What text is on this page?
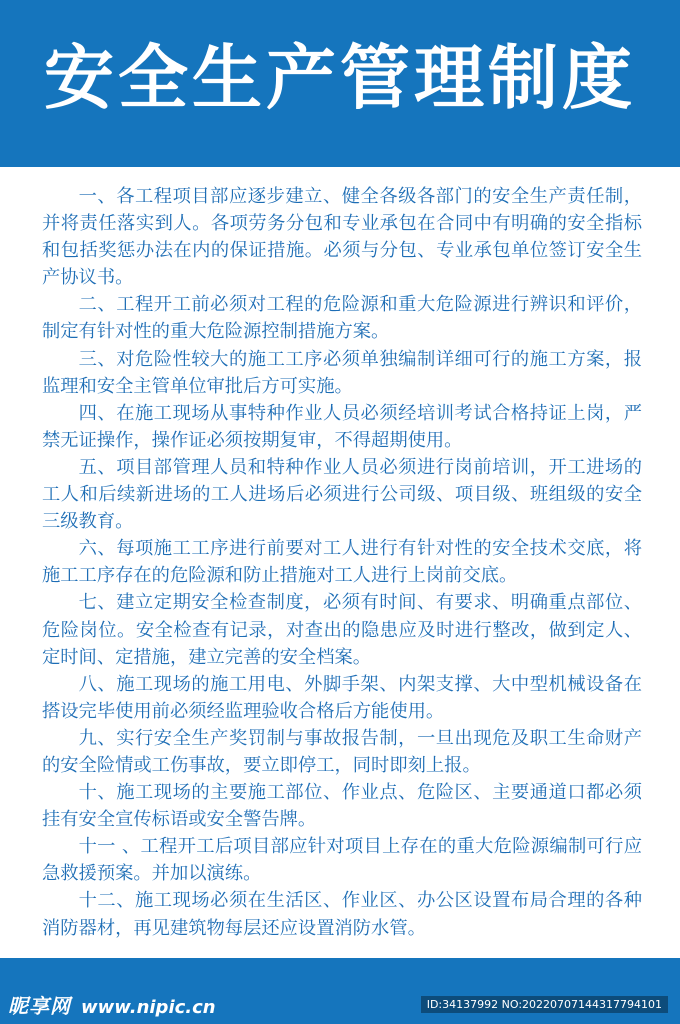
安全生产管理制度
一、各工程项目部应逐步建立、健全各级各部门的安全生产责任制，并将责任落实到人。各项劳务分包和专业承包在合同中有明确的安全指标和包括奖惩办法在内的保证措施。必须与分包、专业承包单位签订安全生产协议书。
二、工程开工前必须对工程的危险源和重大危险源进行辨识和评价，制定有针对性的重大危险源控制措施方案。
三、对危险性较大的施工工序必须单独编制详细可行的施工方案，报监理和安全主管单位审批后方可实施。
四、在施工现场从事特种作业人员必须经培训考试合格持证上岗，严禁无证操作，操作证必须按期复审，不得超期使用。
五、项目部管理人员和特种作业人员必须进行岗前培训，开工进场的工人和后续新进场的工人进场后必须进行公司级、项目级、班组级的安全三级教育。
六、每项施工工序进行前要对工人进行有针对性的安全技术交底，将施工工序存在的危险源和防止措施对工人进行上岗前交底。
七、建立定期安全检查制度，必须有时间、有要求、明确重点部位、危险岗位。安全检查有记录，对查出的隐患应及时进行整改，做到定人、定时间、定措施，建立完善的安全档案。
八、施工现场的施工用电、外脚手架、内架支撑、大中型机械设备在搭设完毕使用前必须经监理验收合格后方能使用。
九、实行安全生产奖罚制与事故报告制，一旦出现危及职工生命财产的安全险情或工伤事故，要立即停工，同时即刻上报。
十、施工现场的主要施工部位、作业点、危险区、主要通道口都必须挂有安全宣传标语或安全警告牌。
十一 、工程开工后项目部应针对项目上存在的重大危险源编制可行应急救援预案。并加以演练。
十二、施工现场必须在生活区、作业区、办公区设置布局合理的各种消防器材，再见建筑物每层还应设置消防水管。
昵享网 www.nipic.cn	ID:34137992 NO:20220707144317794101
